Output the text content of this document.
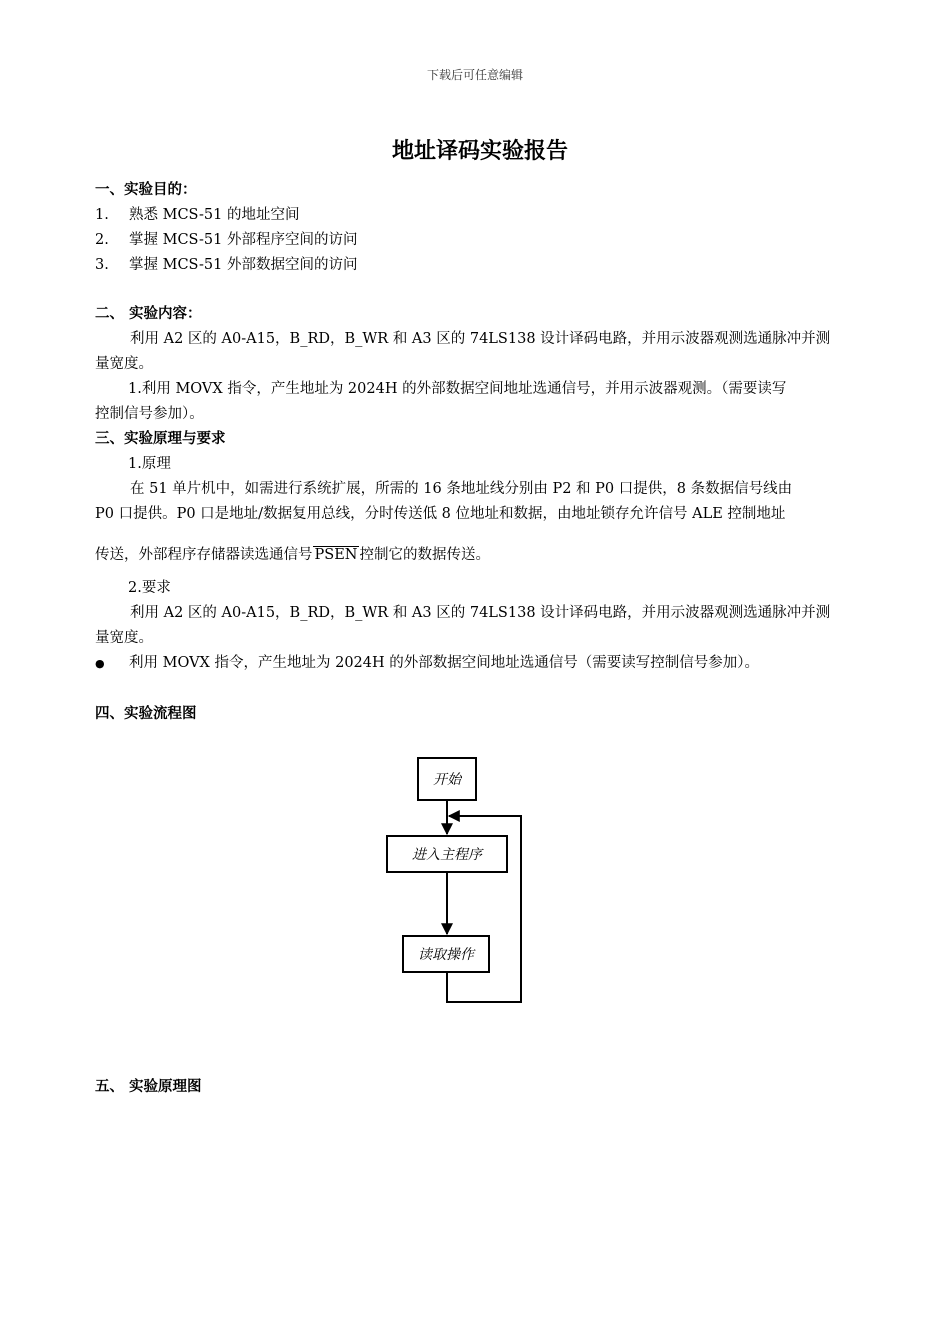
下载后可任意编辑
地址译码实验报告
一、实验目的：
1. 熟悉 MCS-51 的地址空间
2. 掌握 MCS-51 外部程序空间的访问
3. 掌握 MCS-51 外部数据空间的访问
二、 实验内容：
利用 A2 区的 A0-A15，B_RD，B_WR 和 A3 区的 74LS138 设计译码电路，并用示波器观测选通脉冲并测
量宽度。
1.利用 MOVX 指令，产生地址为 2024H 的外部数据空间地址选通信号，并用示波器观测。（需要读写
控制信号参加）。
三、实验原理与要求
1.原理
在 51 单片机中，如需进行系统扩展，所需的 16 条地址线分别由 P2 和 P0 口提供，8 条数据信号线由
P0 口提供。P0 口是地址/数据复用总线，分时传送低 8 位地址和数据，由地址锁存允许信号 ALE 控制地址
传送，外部程序存储器读选通信号 PSEN 控制它的数据传送。
2.要求
利用 A2 区的 A0-A15，B_RD，B_WR 和 A3 区的 74LS138 设计译码电路，并用示波器观测选通脉冲并测
量宽度。
● 利用 MOVX 指令，产生地址为 2024H 的外部数据空间地址选通信号（需要读写控制信号参加）。
四、实验流程图
开始
进入主程序
读取操作
五、 实验原理图
